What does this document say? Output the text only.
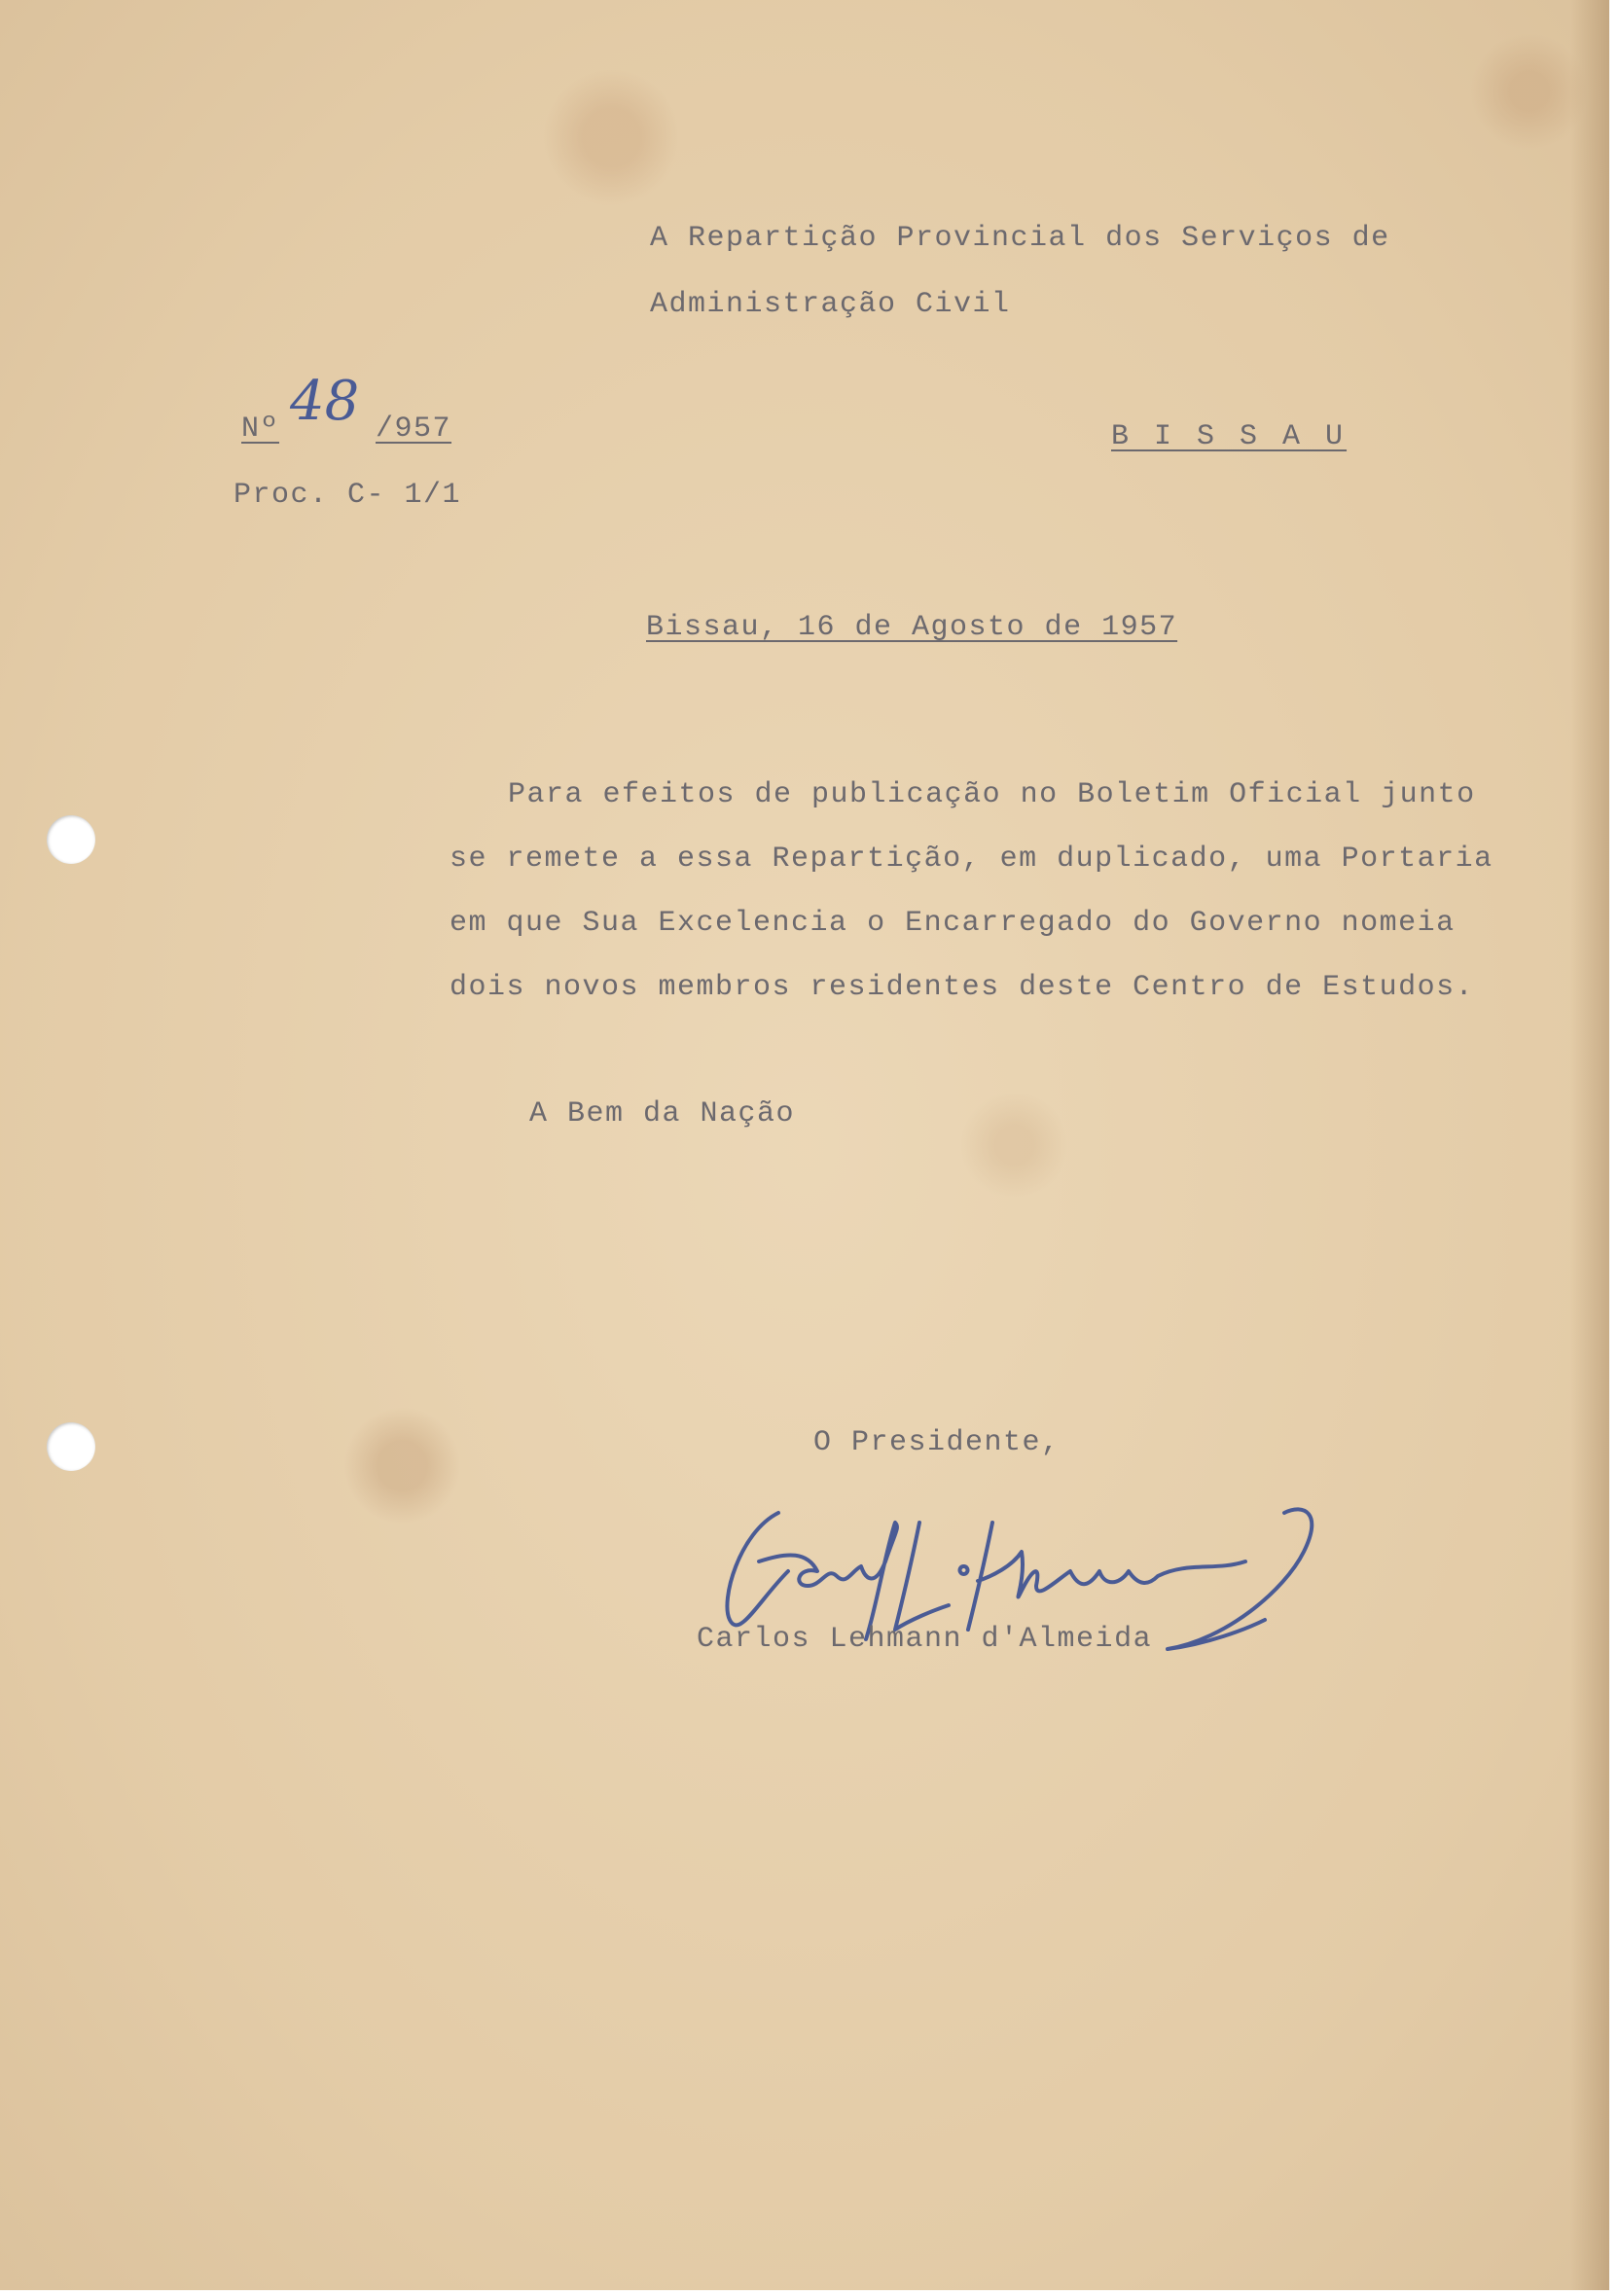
A Repartição Provincial dos Serviços de
Administração Civil
Nº 48 /957
Proc. C- 1/1
B I S S A U
Bissau, 16 de Agosto de 1957
Para efeitos de publicação no Boletim Oficial junto
se remete a essa Repartição, em duplicado, uma Portaria
em que Sua Excelencia o Encarregado do Governo nomeia
dois novos membros residentes deste Centro de Estudos.
A Bem da Nação
O Presidente,
Carlos Lehmann d'Almeida
